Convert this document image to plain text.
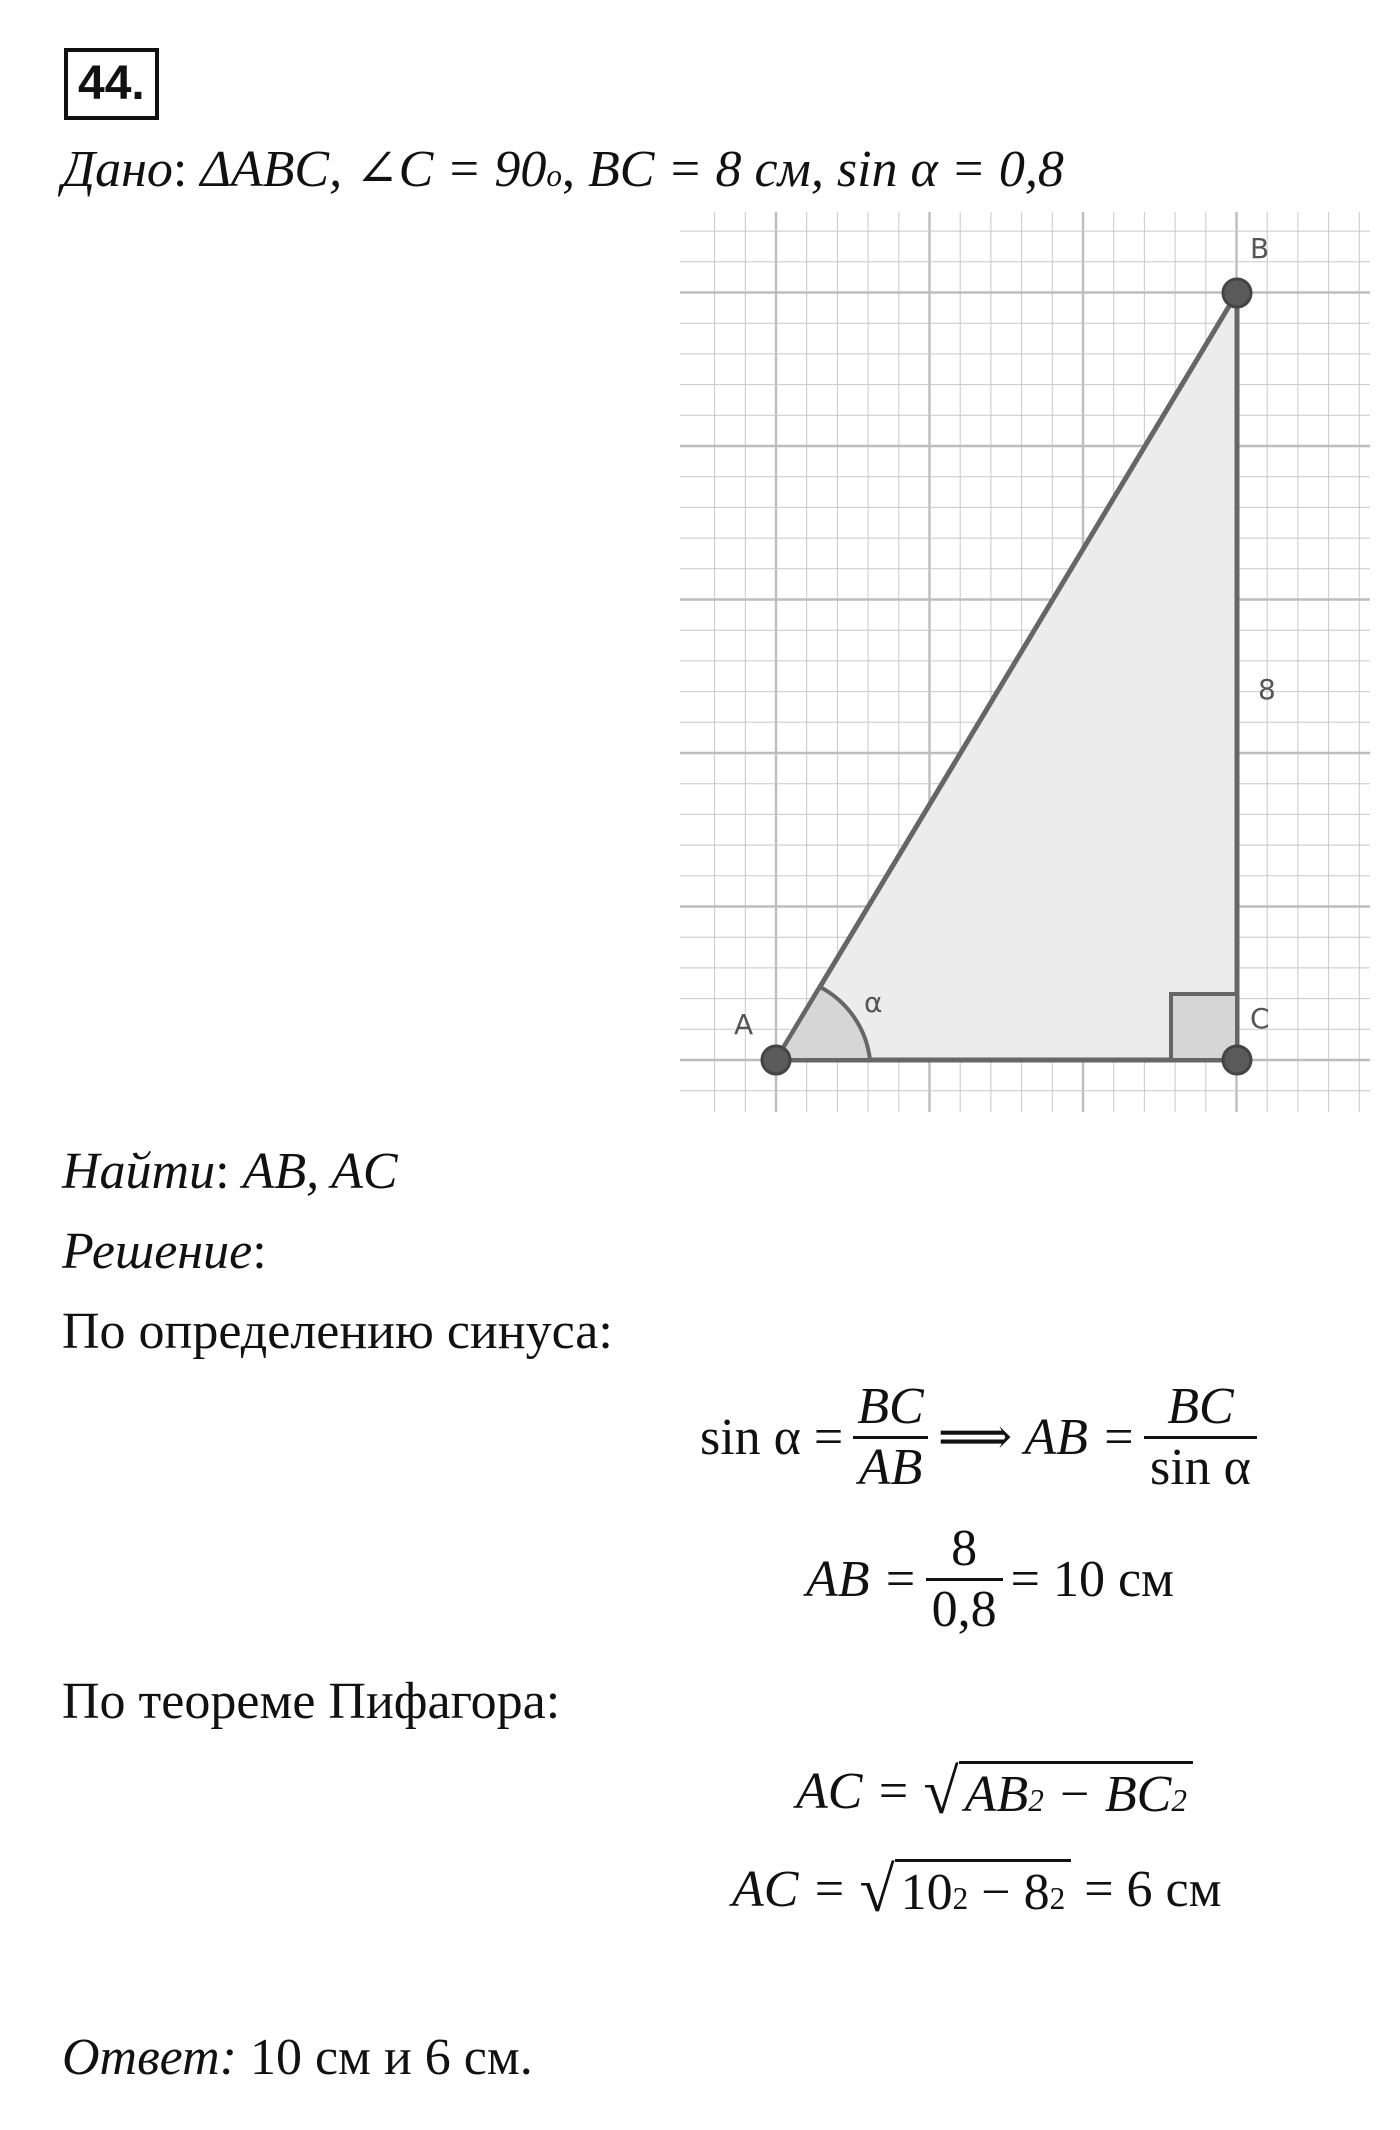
44.
Дано: ΔABC, ∠C = $90^o$, BC = 8 см, sin α = 0,8
A
B
C
α
8
Найти: AB, AC
Решение:
По определению синуса:
$\sin \alpha = \frac{BC}{AB}$ ⟹ AB = $\frac{BC}{\text{sin α}}$
AB = $\frac{8}{0,8} = 10$ см
По теореме Пифагора:
AC =
√ $AB^2 - BC^2$
AC =
√ $10^2 - 8^2$
= 6 см
Ответ: 10 см и 6 см.
